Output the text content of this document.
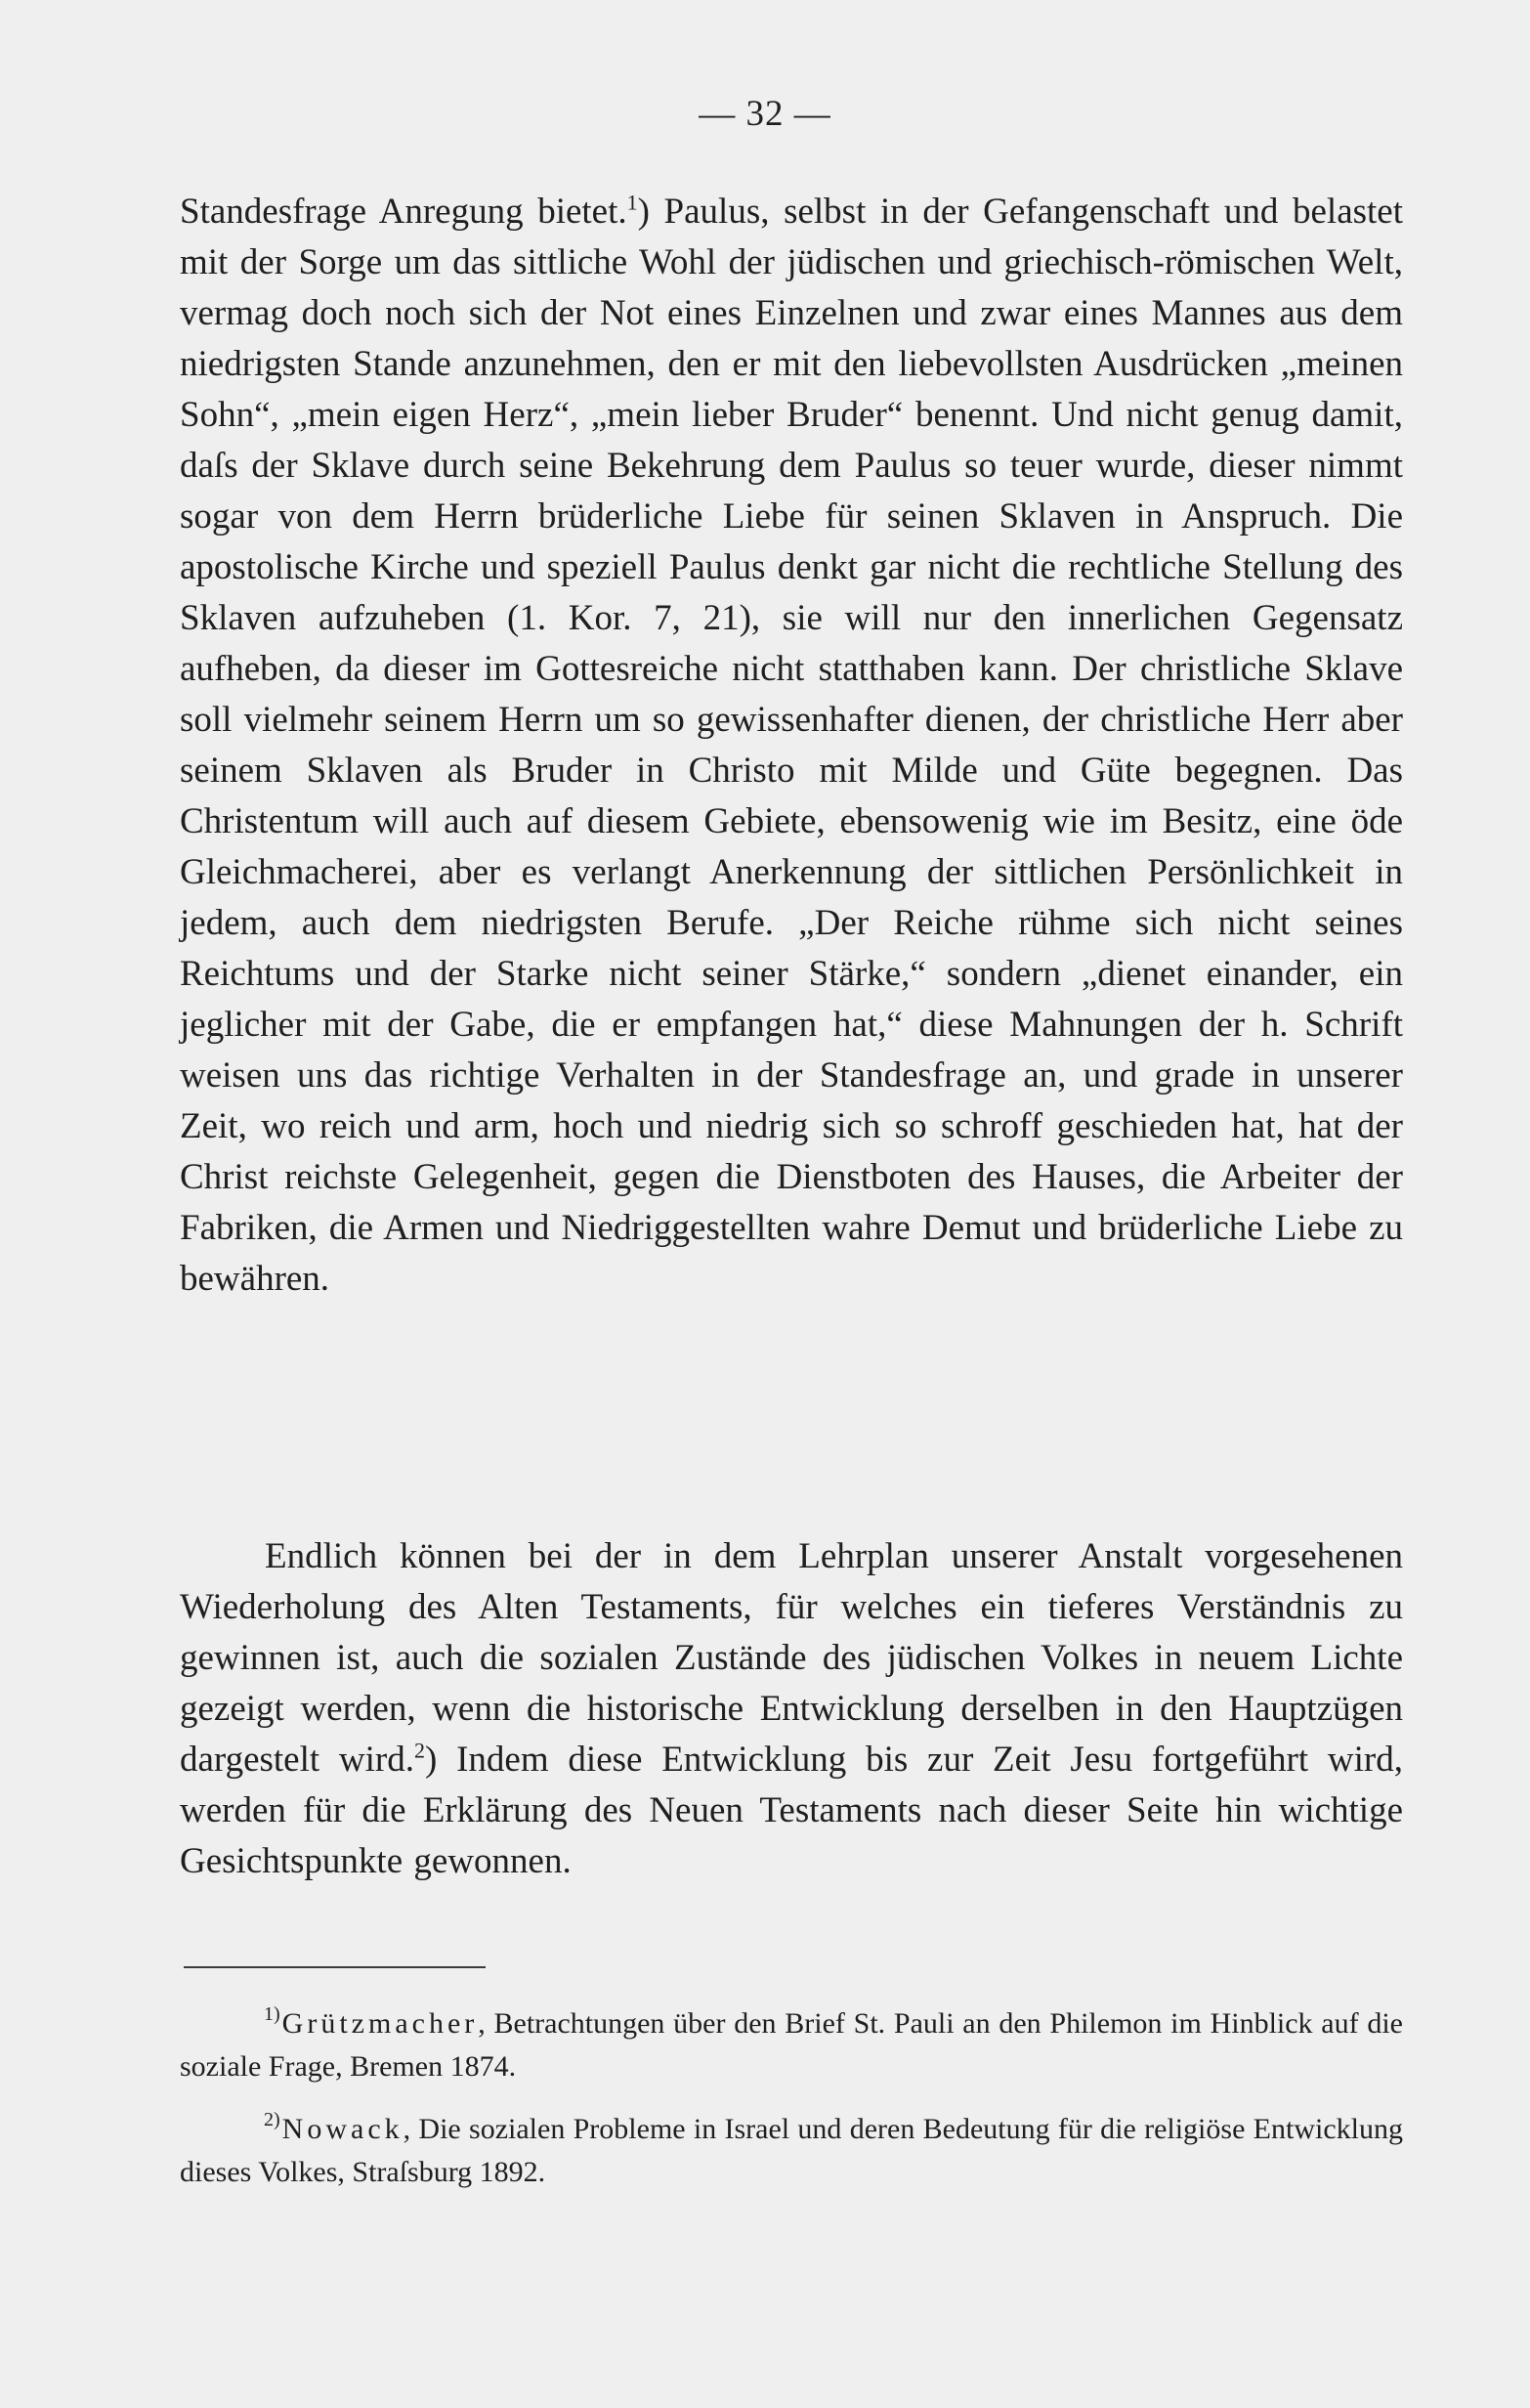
— 32 —

Standesfrage Anregung bietet.$^1$) Paulus, selbst in der Gefangenschaft und belastet mit der Sorge um das sittliche Wohl der jüdischen und griechisch-römischen Welt, vermag doch noch sich der Not eines Einzelnen und zwar eines Mannes aus dem niedrigsten Stande anzunehmen, den er mit den liebevollsten Ausdrücken „meinen Sohn“, „mein eigen Herz“, „mein lieber Bruder“ benennt. Und nicht genug damit, daſs der Sklave durch seine Bekehrung dem Paulus so teuer wurde, dieser nimmt sogar von dem Herrn brüderliche Liebe für seinen Sklaven in Anspruch. Die apostolische Kirche und speziell Paulus denkt gar nicht die rechtliche Stellung des Sklaven aufzuheben (1. Kor. 7, 21), sie will nur den innerlichen Gegensatz aufheben, da dieser im Gottesreiche nicht statthaben kann. Der christliche Sklave soll vielmehr seinem Herrn um so gewissenhafter dienen, der christliche Herr aber seinem Sklaven als Bruder in Christo mit Milde und Güte begegnen. Das Christentum will auch auf diesem Gebiete, ebensowenig wie im Besitz, eine öde Gleichmacherei, aber es verlangt Anerkennung der sittlichen Persönlichkeit in jedem, auch dem niedrigsten Berufe. „Der Reiche rühme sich nicht seines Reichtums und der Starke nicht seiner Stärke,“ sondern „dienet einander, ein jeglicher mit der Gabe, die er empfangen hat,“ diese Mahnungen der h. Schrift weisen uns das richtige Verhalten in der Standesfrage an, und grade in unserer Zeit, wo reich und arm, hoch und niedrig sich so schroff geschieden hat, hat der Christ reichste Gelegenheit, gegen die Dienstboten des Hauses, die Arbeiter der Fabriken, die Armen und Niedriggestellten wahre Demut und brüderliche Liebe zu bewähren.

Endlich können bei der in dem Lehrplan unserer Anstalt vorgesehenen Wiederholung des Alten Testaments, für welches ein tieferes Verständnis zu gewinnen ist, auch die sozialen Zustände des jüdischen Volkes in neuem Lichte gezeigt werden, wenn die historische Entwicklung derselben in den Hauptzügen dargestelt wird.$^2$) Indem diese Entwicklung bis zur Zeit Jesu fortgeführt wird, werden für die Erklärung des Neuen Testaments nach dieser Seite hin wichtige Gesichtspunkte gewonnen.

$^{1)}$Grützmacher, Betrachtungen über den Brief St. Pauli an den Philemon im Hinblick auf die soziale Frage, Bremen 1874.

$^{2)}$Nowack, Die sozialen Probleme in Israel und deren Bedeutung für die religiöse Entwicklung dieses Volkes, Straſsburg 1892.
